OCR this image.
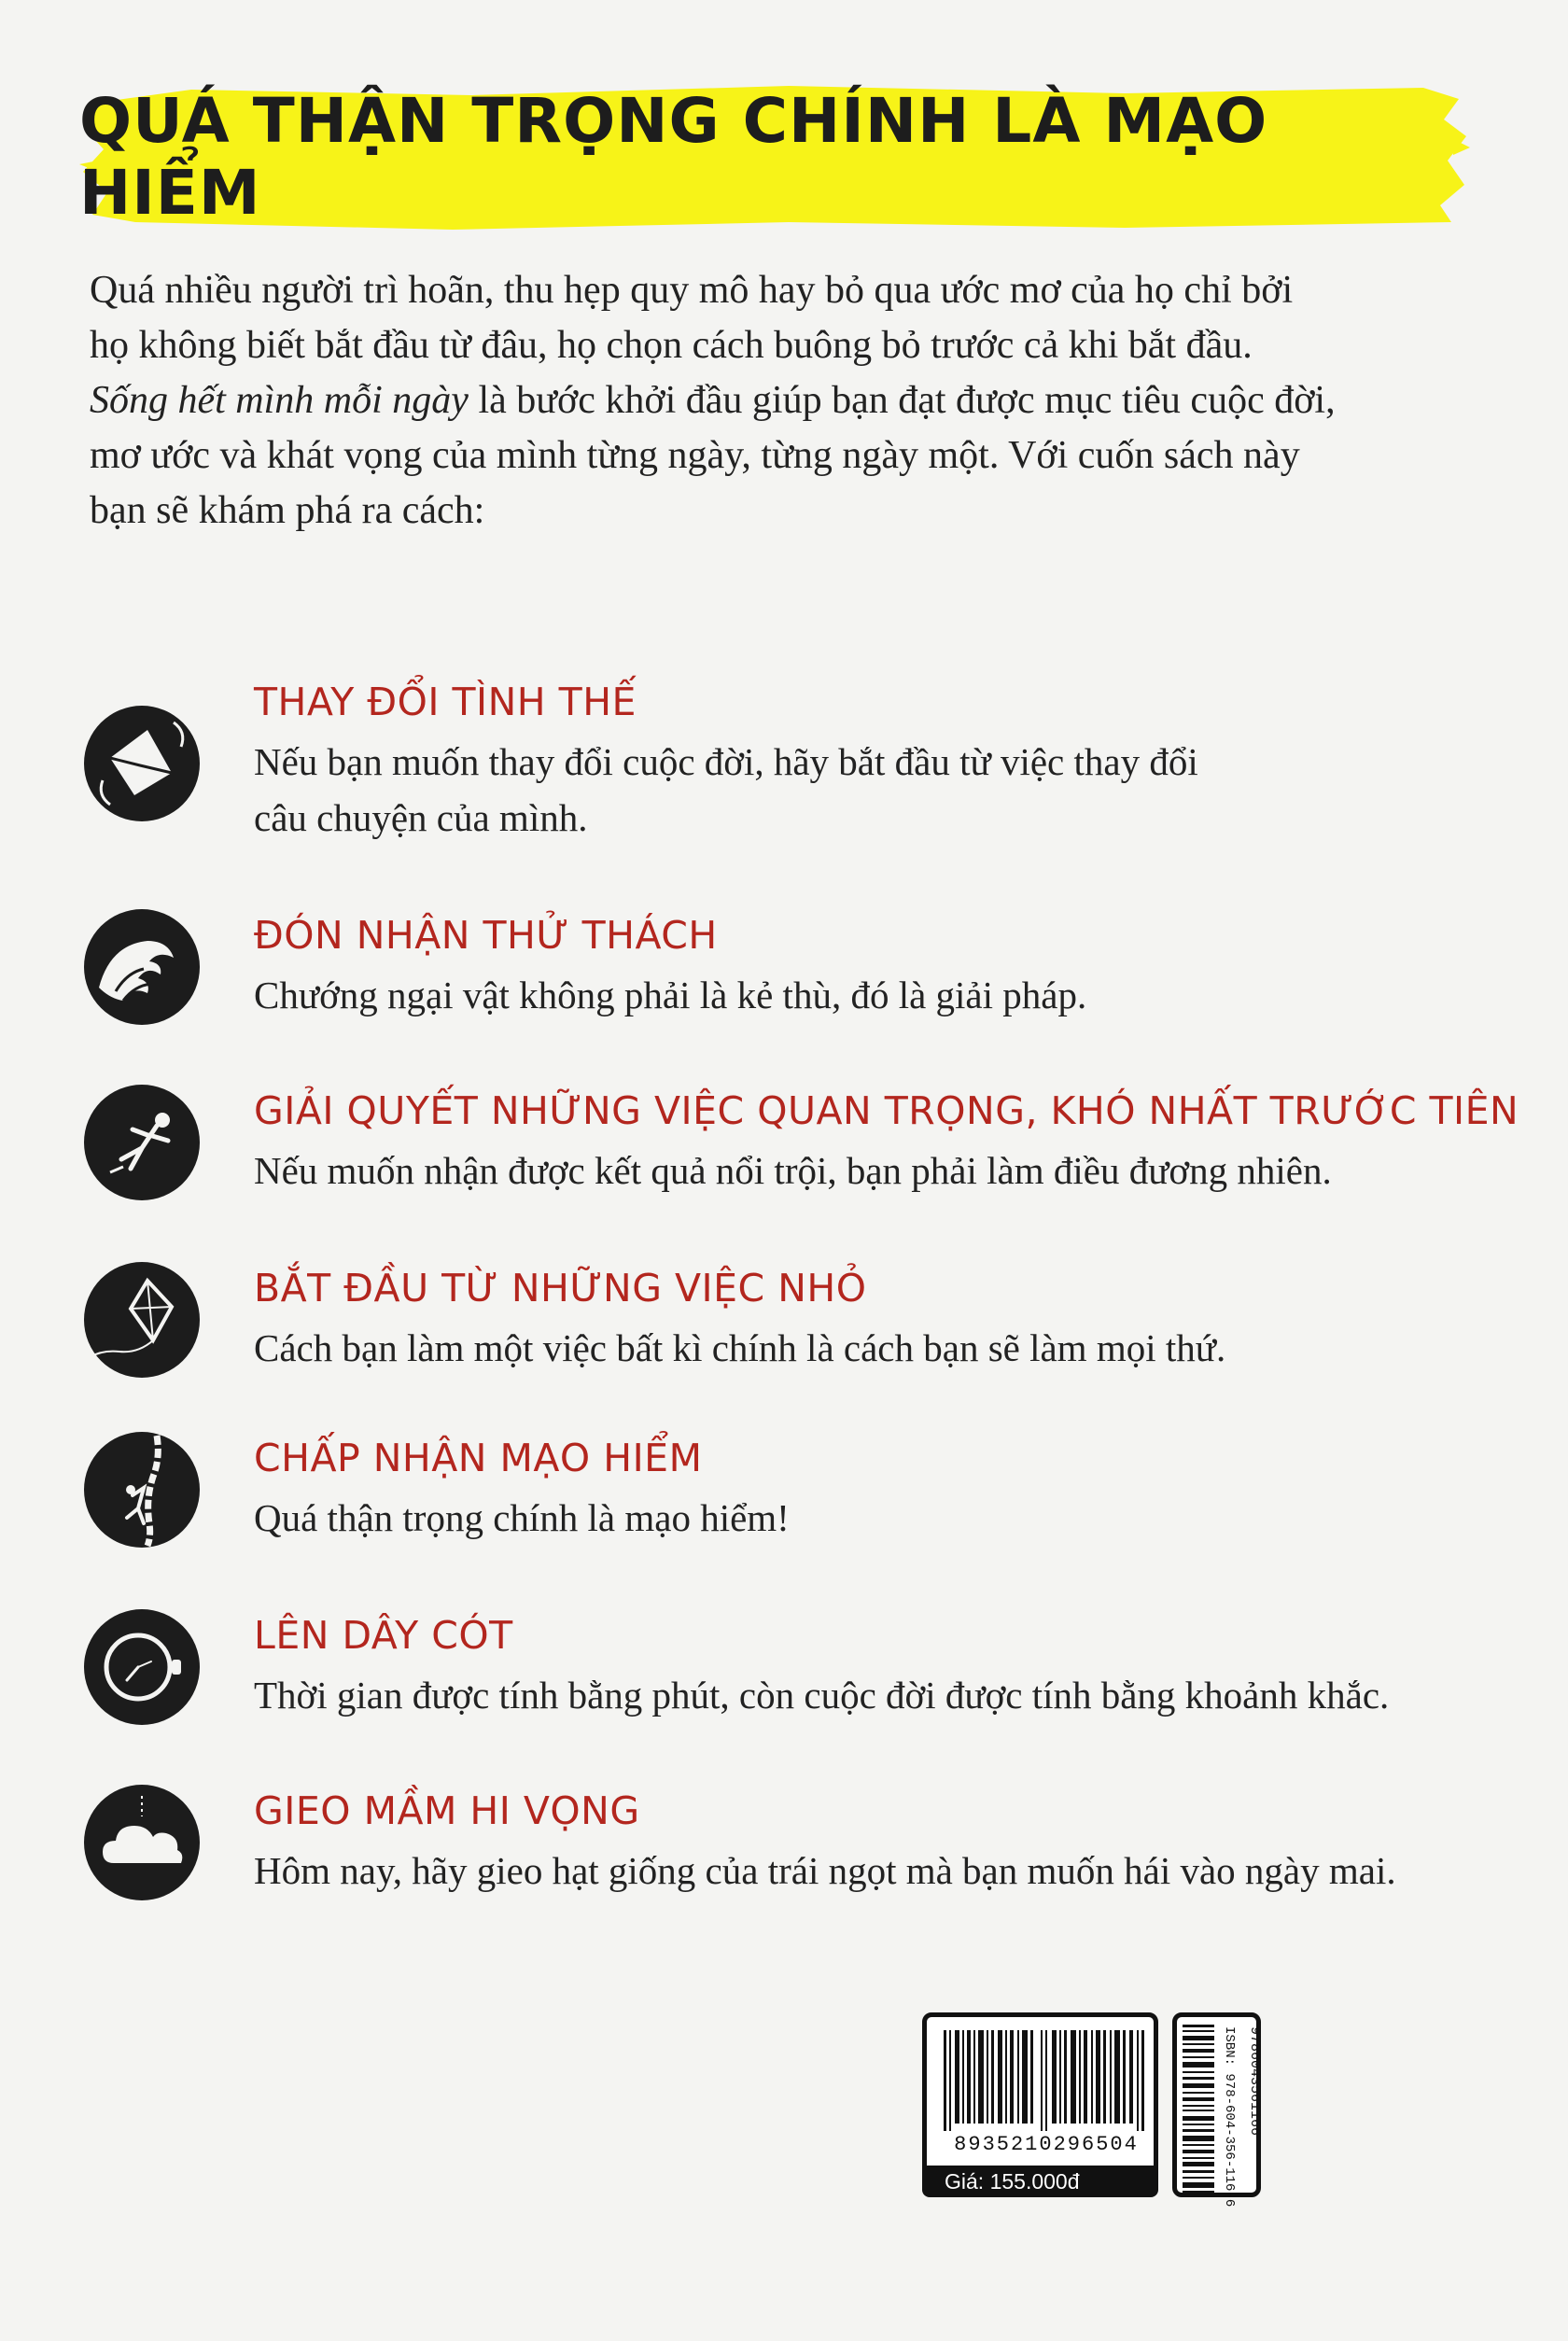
QUÁ THẬN TRỌNG CHÍNH LÀ MẠO HIỂM

Quá nhiều người trì hoãn, thu hẹp quy mô hay bỏ qua ước mơ của họ chỉ bởi

họ không biết bắt đầu từ đâu, họ chọn cách buông bỏ trước cả khi bắt đầu.

Sống hết mình mỗi ngày là bước khởi đầu giúp bạn đạt được mục tiêu cuộc đời,

mơ ước và khát vọng của mình từng ngày, từng ngày một. Với cuốn sách này

bạn sẽ khám phá ra cách:

THAY ĐỔI TÌNH THẾ
Nếu bạn muốn thay đổi cuộc đời, hãy bắt đầu từ việc thay đổi
câu chuyện của mình.
ĐÓN NHẬN THỬ THÁCH
Chướng ngại vật không phải là kẻ thù, đó là giải pháp.
GIẢI QUYẾT NHỮNG VIỆC QUAN TRỌNG, KHÓ NHẤT TRƯỚC TIÊN
Nếu muốn nhận được kết quả nổi trội, bạn phải làm điều đương nhiên.
BẮT ĐẦU TỪ NHỮNG VIỆC NHỎ
Cách bạn làm một việc bất kì chính là cách bạn sẽ làm mọi thứ.
CHẤP NHẬN MẠO HIỂM
Quá thận trọng chính là mạo hiểm!
LÊN DÂY CÓT
Thời gian được tính bằng phút, còn cuộc đời được tính bằng khoảnh khắc.
GIEO MẦM HI VỌNG
Hôm nay, hãy gieo hạt giống của trái ngọt mà bạn muốn hái vào ngày mai.
8935210296504
Giá: 155.000đ	ISBN: 978-604-356-116-6 9786043561166
